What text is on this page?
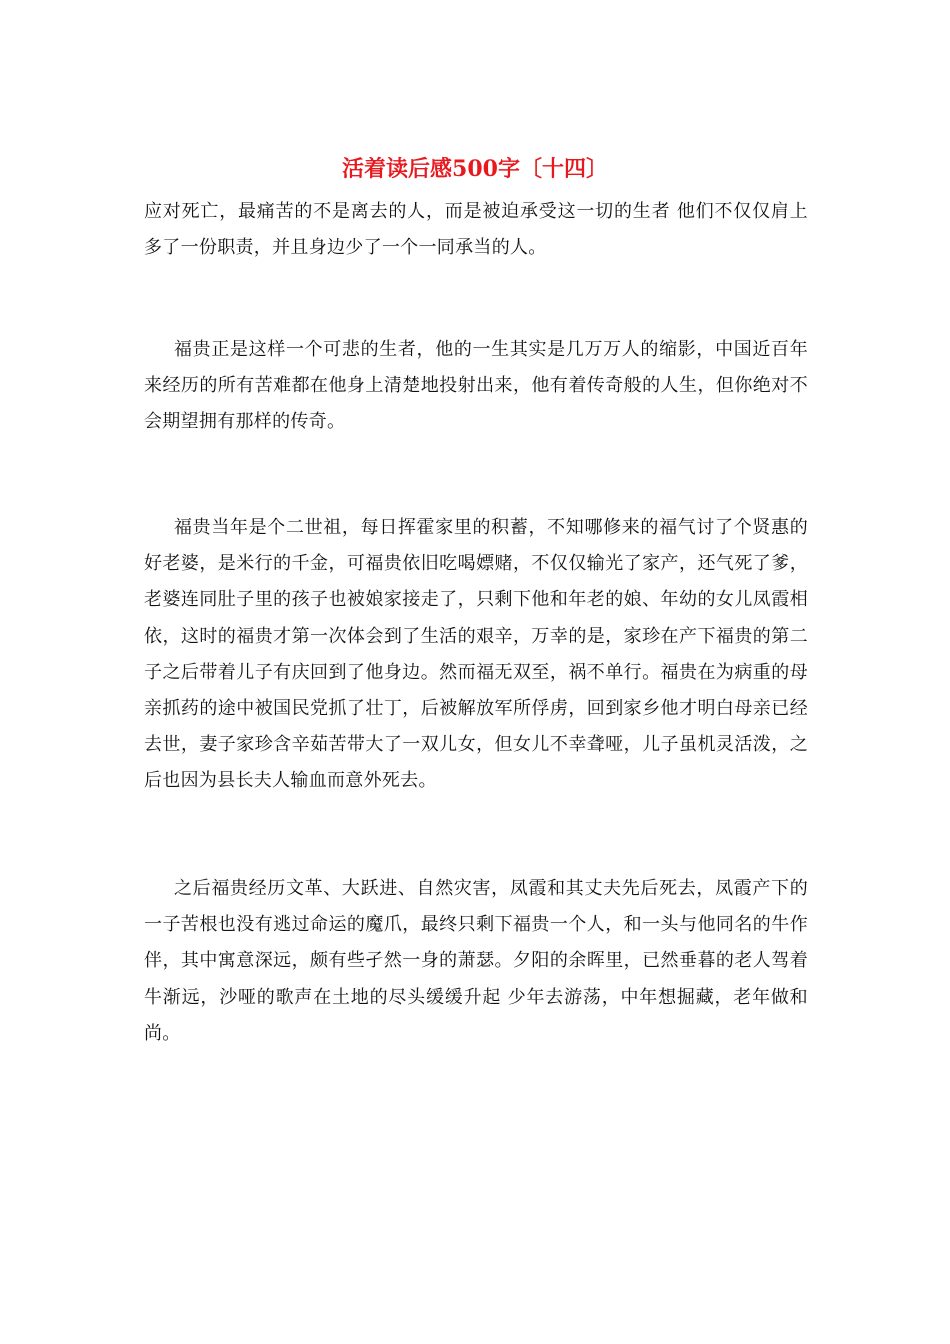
活着读后感500字〔十四〕

应对死亡，最痛苦的不是离去的人，而是被迫承受这一切的生者 他们不仅仅肩上多了一份职责，并且身边少了一个一同承当的人。

福贵正是这样一个可悲的生者，他的一生其实是几万万人的缩影，中国近百年来经历的所有苦难都在他身上清楚地投射出来，他有着传奇般的人生，但你绝对不会期望拥有那样的传奇。

福贵当年是个二世祖，每日挥霍家里的积蓄，不知哪修来的福气讨了个贤惠的好老婆，是米行的千金，可福贵依旧吃喝嫖赌，不仅仅输光了家产，还气死了爹，老婆连同肚子里的孩子也被娘家接走了，只剩下他和年老的娘、年幼的女儿凤霞相依，这时的福贵才第一次体会到了生活的艰辛，万幸的是，家珍在产下福贵的第二子之后带着儿子有庆回到了他身边。然而福无双至，祸不单行。福贵在为病重的母亲抓药的途中被国民党抓了壮丁，后被解放军所俘虏，回到家乡他才明白母亲已经去世，妻子家珍含辛茹苦带大了一双儿女，但女儿不幸聋哑，儿子虽机灵活泼，之后也因为县长夫人输血而意外死去。

之后福贵经历文革、大跃进、自然灾害，凤霞和其丈夫先后死去，凤霞产下的一子苦根也没有逃过命运的魔爪，最终只剩下福贵一个人，和一头与他同名的牛作伴，其中寓意深远，颇有些孑然一身的萧瑟。夕阳的余晖里，已然垂暮的老人驾着牛渐远，沙哑的歌声在土地的尽头缓缓升起 少年去游荡，中年想掘藏，老年做和尚。
